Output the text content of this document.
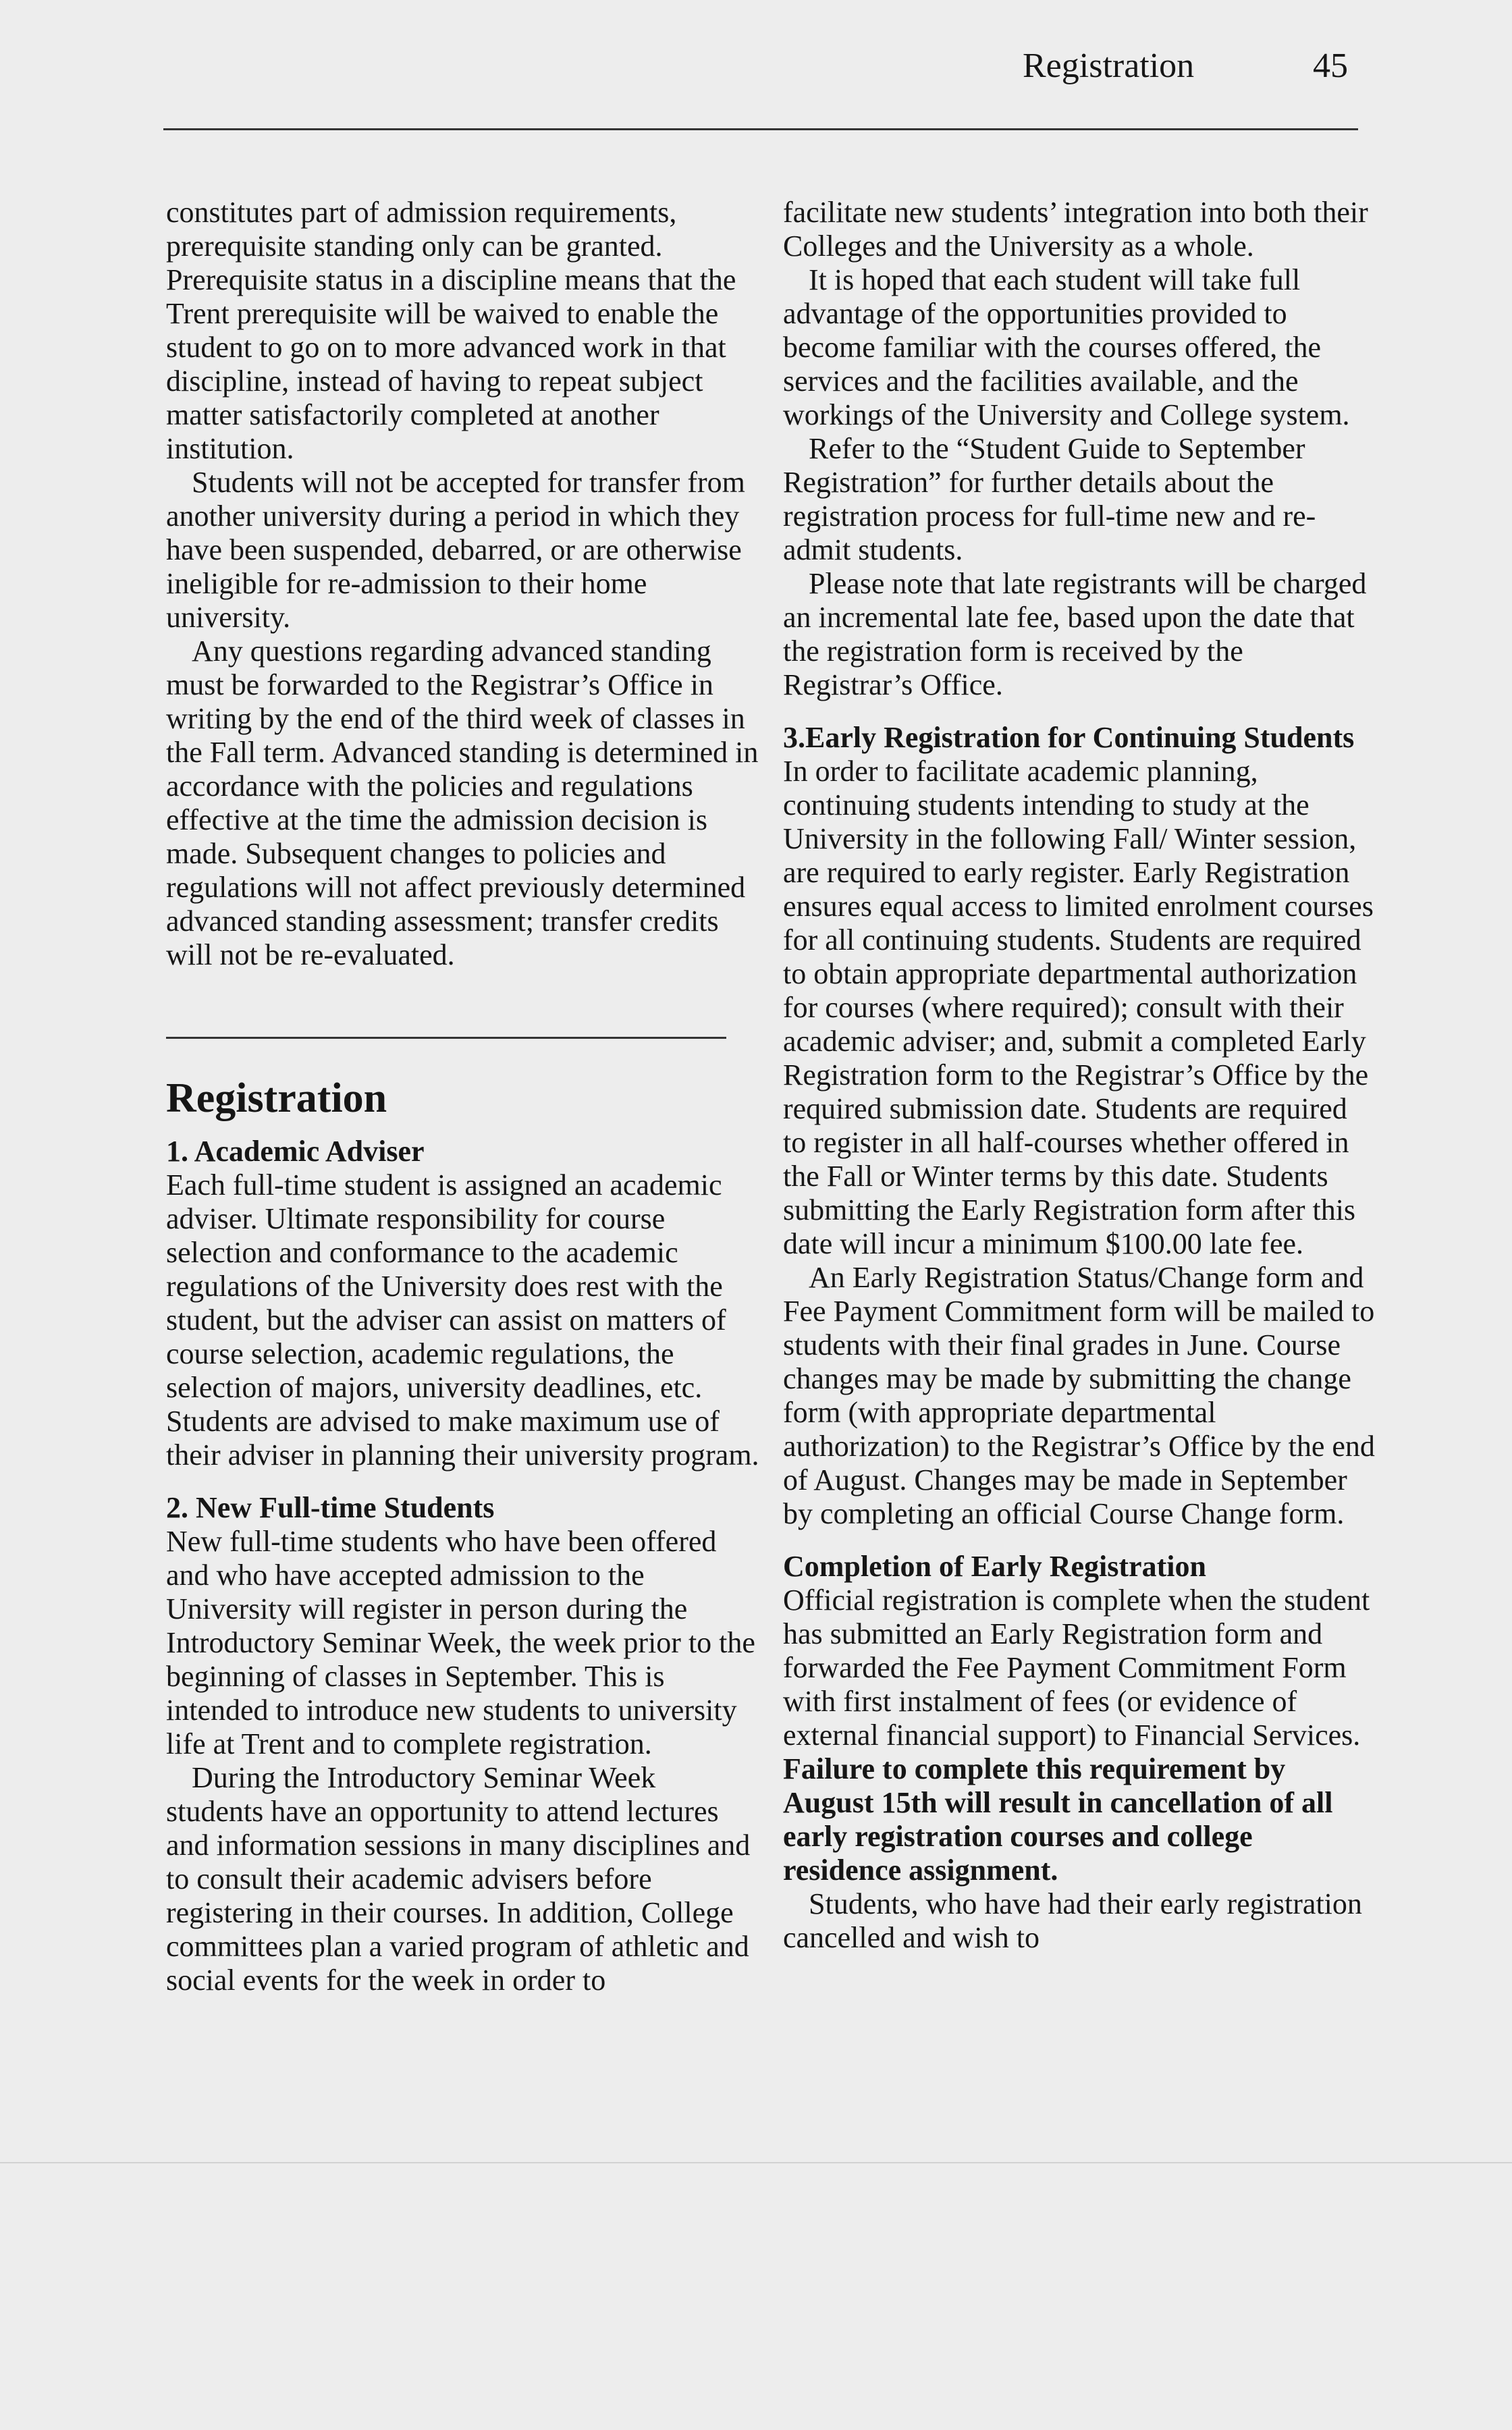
Registration	45

constitutes part of admission requirements, prerequisite standing only can be granted. Prerequisite status in a discipline means that the Trent prerequisite will be waived to enable the student to go on to more advanced work in that discipline, instead of having to repeat subject matter satisfactorily completed at another institution.

Students will not be accepted for transfer from another university during a period in which they have been suspended, debarred, or are otherwise ineligible for re-admission to their home university.

Any questions regarding advanced standing must be forwarded to the Registrar’s Office in writing by the end of the third week of classes in the Fall term. Advanced standing is determined in accordance with the policies and regulations effective at the time the admission decision is made. Subsequent changes to policies and regulations will not affect previously determined advanced standing assessment; transfer credits will not be re-evaluated.

Registration
1. Academic Adviser

Each full-time student is assigned an academic adviser. Ultimate responsibility for course selection and conformance to the academic regulations of the University does rest with the student, but the adviser can assist on matters of course selection, academic regulations, the selection of majors, university deadlines, etc. Students are advised to make maximum use of their adviser in planning their university program.

2. New Full-time Students

New full-time students who have been offered and who have accepted admission to the University will register in person during the Introductory Seminar Week, the week prior to the beginning of classes in September. This is intended to introduce new students to university life at Trent and to complete registration.

During the Introductory Seminar Week students have an opportunity to attend lectures and information sessions in many disciplines and to consult their academic advisers before registering in their courses. In addition, College committees plan a varied program of athletic and social events for the week in order to

facilitate new students’ integration into both their Colleges and the University as a whole.

It is hoped that each student will take full advantage of the opportunities provided to become familiar with the courses offered, the services and the facilities available, and the workings of the University and College system.

Refer to the “Student Guide to September Registration” for further details about the registration process for full-time new and re-admit students.

Please note that late registrants will be charged an incremental late fee, based upon the date that the registration form is received by the Registrar’s Office.

3.Early Registration for Continuing Students

In order to facilitate academic planning, continuing students intending to study at the University in the following Fall/ Winter session, are required to early register. Early Registration ensures equal access to limited enrolment courses for all continuing students. Students are required to obtain appropriate departmental authorization for courses (where required); consult with their academic adviser; and, submit a completed Early Registration form to the Registrar’s Office by the required submission date. Students are required to register in all half-courses whether offered in the Fall or Winter terms by this date. Students submitting the Early Registration form after this date will incur a minimum $100.00 late fee.

An Early Registration Status/Change form and Fee Payment Commitment form will be mailed to students with their final grades in June. Course changes may be made by submitting the change form (with appropriate departmental authorization) to the Registrar’s Office by the end of August. Changes may be made in September by completing an official Course Change form.

Completion of Early Registration

Official registration is complete when the student has submitted an Early Registration form and forwarded the Fee Payment Commitment Form with first instalment of fees (or evidence of external financial support) to Financial Services. Failure to complete this requirement by August 15th will result in cancellation of all early registration courses and college residence assignment.

Students, who have had their early registration cancelled and wish to
